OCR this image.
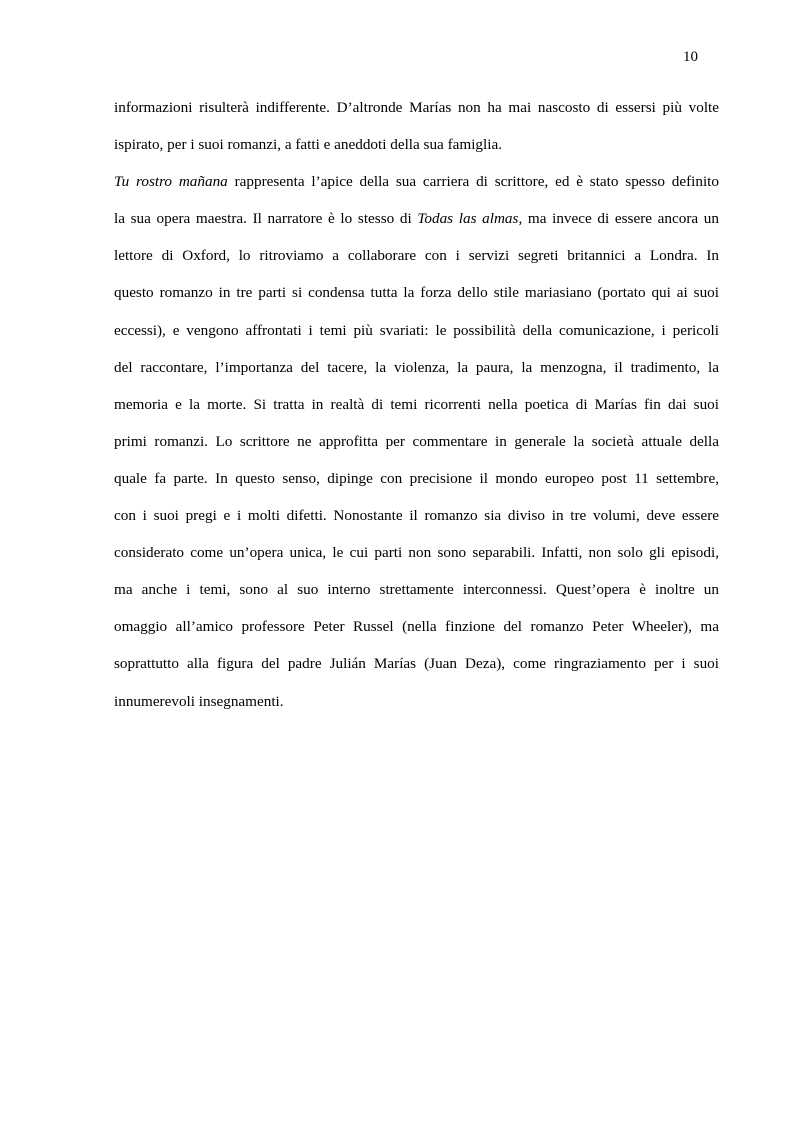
10
informazioni risulterà indifferente. D’altronde Marías non ha mai nascosto di essersi più volte
ispirato, per i suoi romanzi, a fatti e aneddoti della sua famiglia.
Tu rostro mañana rappresenta l’apice della sua carriera di scrittore, ed è stato spesso definito
la sua opera maestra. Il narratore è lo stesso di Todas las almas, ma invece di essere ancora un
lettore di Oxford, lo ritroviamo a collaborare con i servizi segreti britannici a Londra. In
questo romanzo in tre parti si condensa tutta la forza dello stile mariasiano (portato qui ai suoi
eccessi), e vengono affrontati i temi più svariati: le possibilità della comunicazione, i pericoli
del raccontare, l’importanza del tacere, la violenza, la paura, la menzogna, il tradimento, la
memoria e la morte. Si tratta in realtà di temi ricorrenti nella poetica di Marías fin dai suoi
primi romanzi. Lo scrittore ne approfitta per commentare in generale la società attuale della
quale fa parte. In questo senso, dipinge con precisione il mondo europeo post 11 settembre,
con i suoi pregi e i molti difetti. Nonostante il romanzo sia diviso in tre volumi, deve essere
considerato come un’opera unica, le cui parti non sono separabili. Infatti, non solo gli episodi,
ma anche i temi, sono al suo interno strettamente interconnessi. Quest’opera è inoltre un
omaggio all’amico professore Peter Russel (nella finzione del romanzo Peter Wheeler), ma
soprattutto alla figura del padre Julián Marías (Juan Deza), come ringraziamento per i suoi
innumerevoli insegnamenti.
